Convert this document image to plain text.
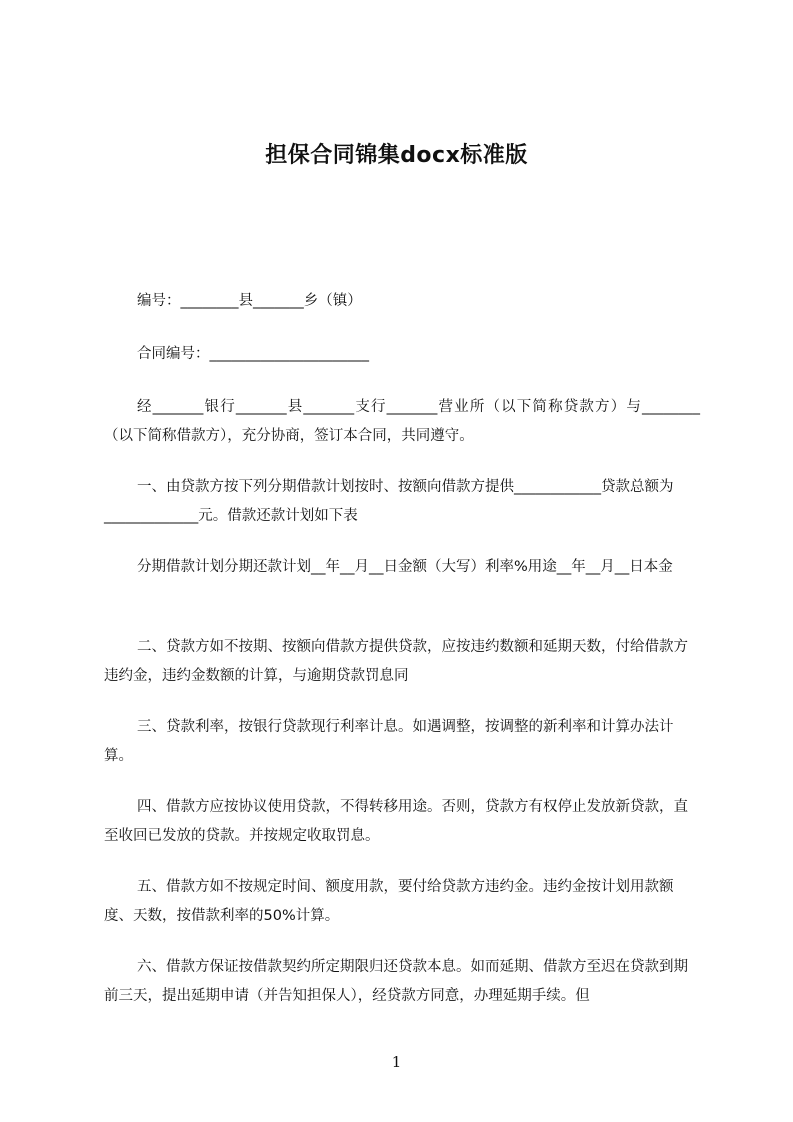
担保合同锦集docx标准版

编号：________县_______乡（镇）

合同编号：______________________

经_______银行_______县_______支行_______营业所（以下简称贷款方）与________（以下简称借款方），充分协商，签订本合同，共同遵守。

一、由贷款方按下列分期借款计划按时、按额向借款方提供____________贷款总额为_____________元。借款还款计划如下表

分期借款计划分期还款计划__年__月__日金额（大写）利率%用途__年__月__日本金

二、贷款方如不按期、按额向借款方提供贷款，应按违约数额和延期天数，付给借款方违约金，违约金数额的计算，与逾期贷款罚息同

三、贷款利率，按银行贷款现行利率计息。如遇调整，按调整的新利率和计算办法计算。

四、借款方应按协议使用贷款，不得转移用途。否则，贷款方有权停止发放新贷款，直至收回已发放的贷款。并按规定收取罚息。

五、借款方如不按规定时间、额度用款，要付给贷款方违约金。违约金按计划用款额度、天数，按借款利率的50%计算。

六、借款方保证按借款契约所定期限归还贷款本息。如而延期、借款方至迟在贷款到期前三天，提出延期申请（并告知担保人），经贷款方同意，办理延期手续。但

1
